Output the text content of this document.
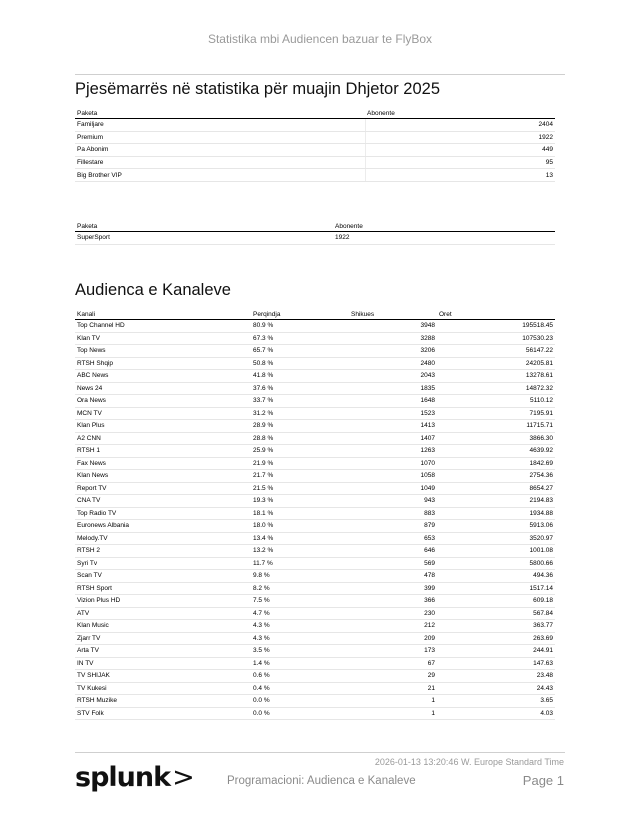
Statistika mbi Audiencen bazuar te FlyBox
Pjesëmarrës në statistika për muajin Dhjetor 2025
Paketa	Abonente
Familjare	2404
Premium	1922
Pa Abonim	449
Fillestare	95
Big Brother VIP	13
Paketa	Abonente
SuperSport	1922
Audienca e Kanaleve
Kanali	Perqindja	Shikues	Oret
Top Channel HD	80.9 %	3948	195518.45
Klan TV	67.3 %	3288	107530.23
Top News	65.7 %	3206	56147.22
RTSH Shqip	50.8 %	2480	24205.81
ABC News	41.8 %	2043	13278.61
News 24	37.6 %	1835	14872.32
Ora News	33.7 %	1648	5110.12
MCN TV	31.2 %	1523	7195.91
Klan Plus	28.9 %	1413	11715.71
A2 CNN	28.8 %	1407	3866.30
RTSH 1	25.9 %	1263	4639.92
Fax News	21.9 %	1070	1842.69
Klan News	21.7 %	1058	2754.36
Report TV	21.5 %	1049	8654.27
CNA TV	19.3 %	943	2194.83
Top Radio TV	18.1 %	883	1934.88
Euronews Albania	18.0 %	879	5913.06
Melody.TV	13.4 %	653	3520.97
RTSH 2	13.2 %	646	1001.08
Syri Tv	11.7 %	569	5800.66
Scan TV	9.8 %	478	494.36
RTSH Sport	8.2 %	399	1517.14
Vizion Plus HD	7.5 %	366	609.18
ATV	4.7 %	230	567.84
Klan Music	4.3 %	212	363.77
Zjarr TV	4.3 %	209	263.69
Arta TV	3.5 %	173	244.91
IN TV	1.4 %	67	147.63
TV SHIJAK	0.6 %	29	23.48
TV Kukesi	0.4 %	21	24.43
RTSH Muzike	0.0 %	1	3.65
STV Folk	0.0 %	1	4.03
2026-01-13 13:20:46 W. Europe Standard Time
splunk>	Programacioni: Audienca e Kanaleve	Page 1
